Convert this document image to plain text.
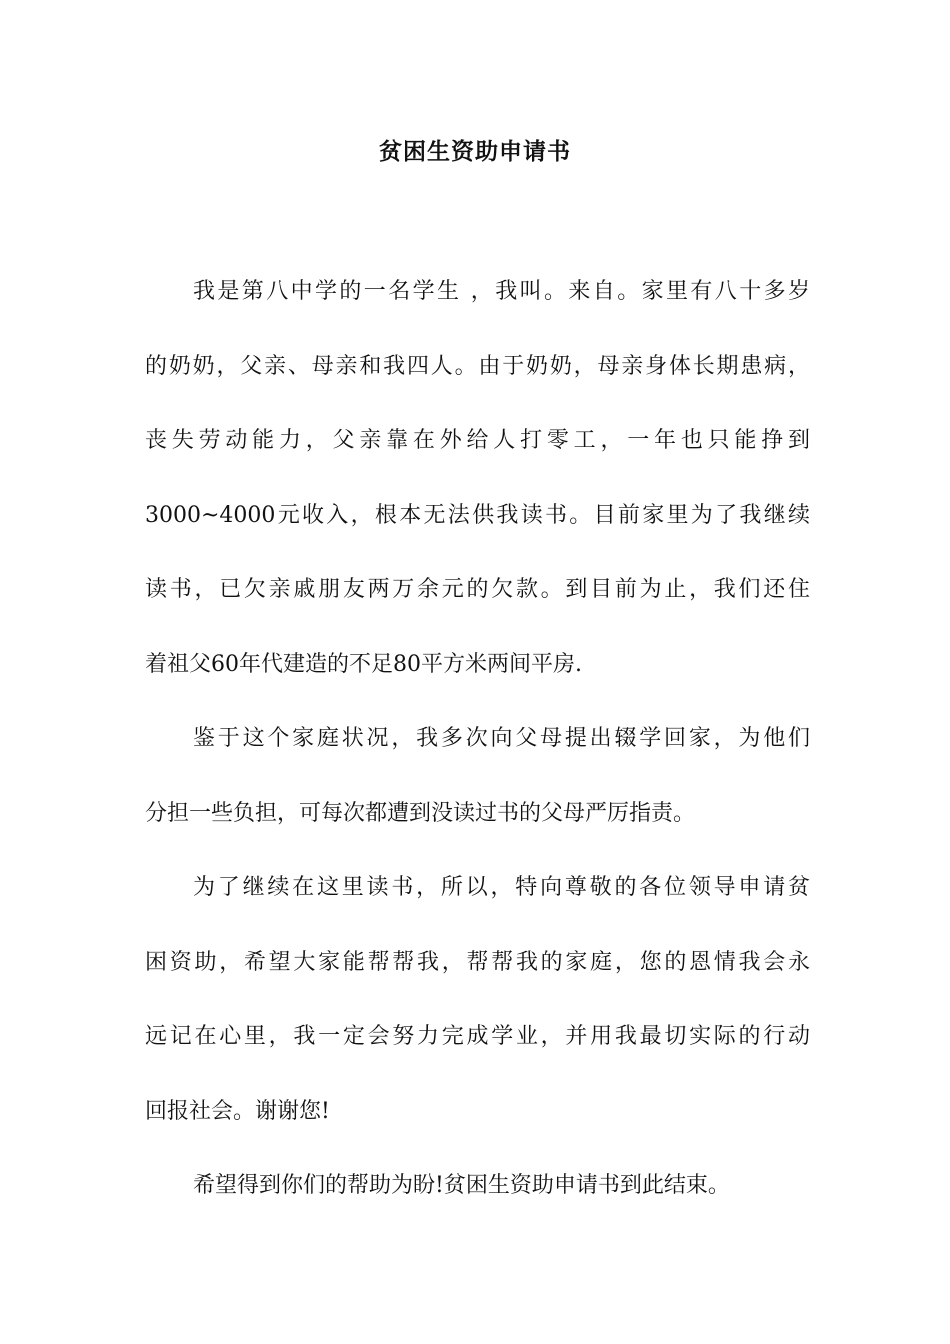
贫困生资助申请书
我是第八中学的一名学生 ，我叫。来自。家里有八十多岁
的奶奶，父亲、母亲和我四人。由于奶奶，母亲身体长期患病，
丧失劳动能力，父亲靠在外给人打零工，一年也只能挣到
3000~4000元收入，根本无法供我读书。目前家里为了我继续
读书，已欠亲戚朋友两万余元的欠款。到目前为止，我们还住
着祖父60年代建造的不足80平方米两间平房.
鉴于这个家庭状况，我多次向父母提出辍学回家，为他们
分担一些负担，可每次都遭到没读过书的父母严厉指责。
为了继续在这里读书，所以，特向尊敬的各位领导申请贫
困资助，希望大家能帮帮我，帮帮我的家庭，您的恩情我会永
远记在心里，我一定会努力完成学业，并用我最切实际的行动
回报社会。谢谢您!
希望得到你们的帮助为盼!贫困生资助申请书到此结束。
